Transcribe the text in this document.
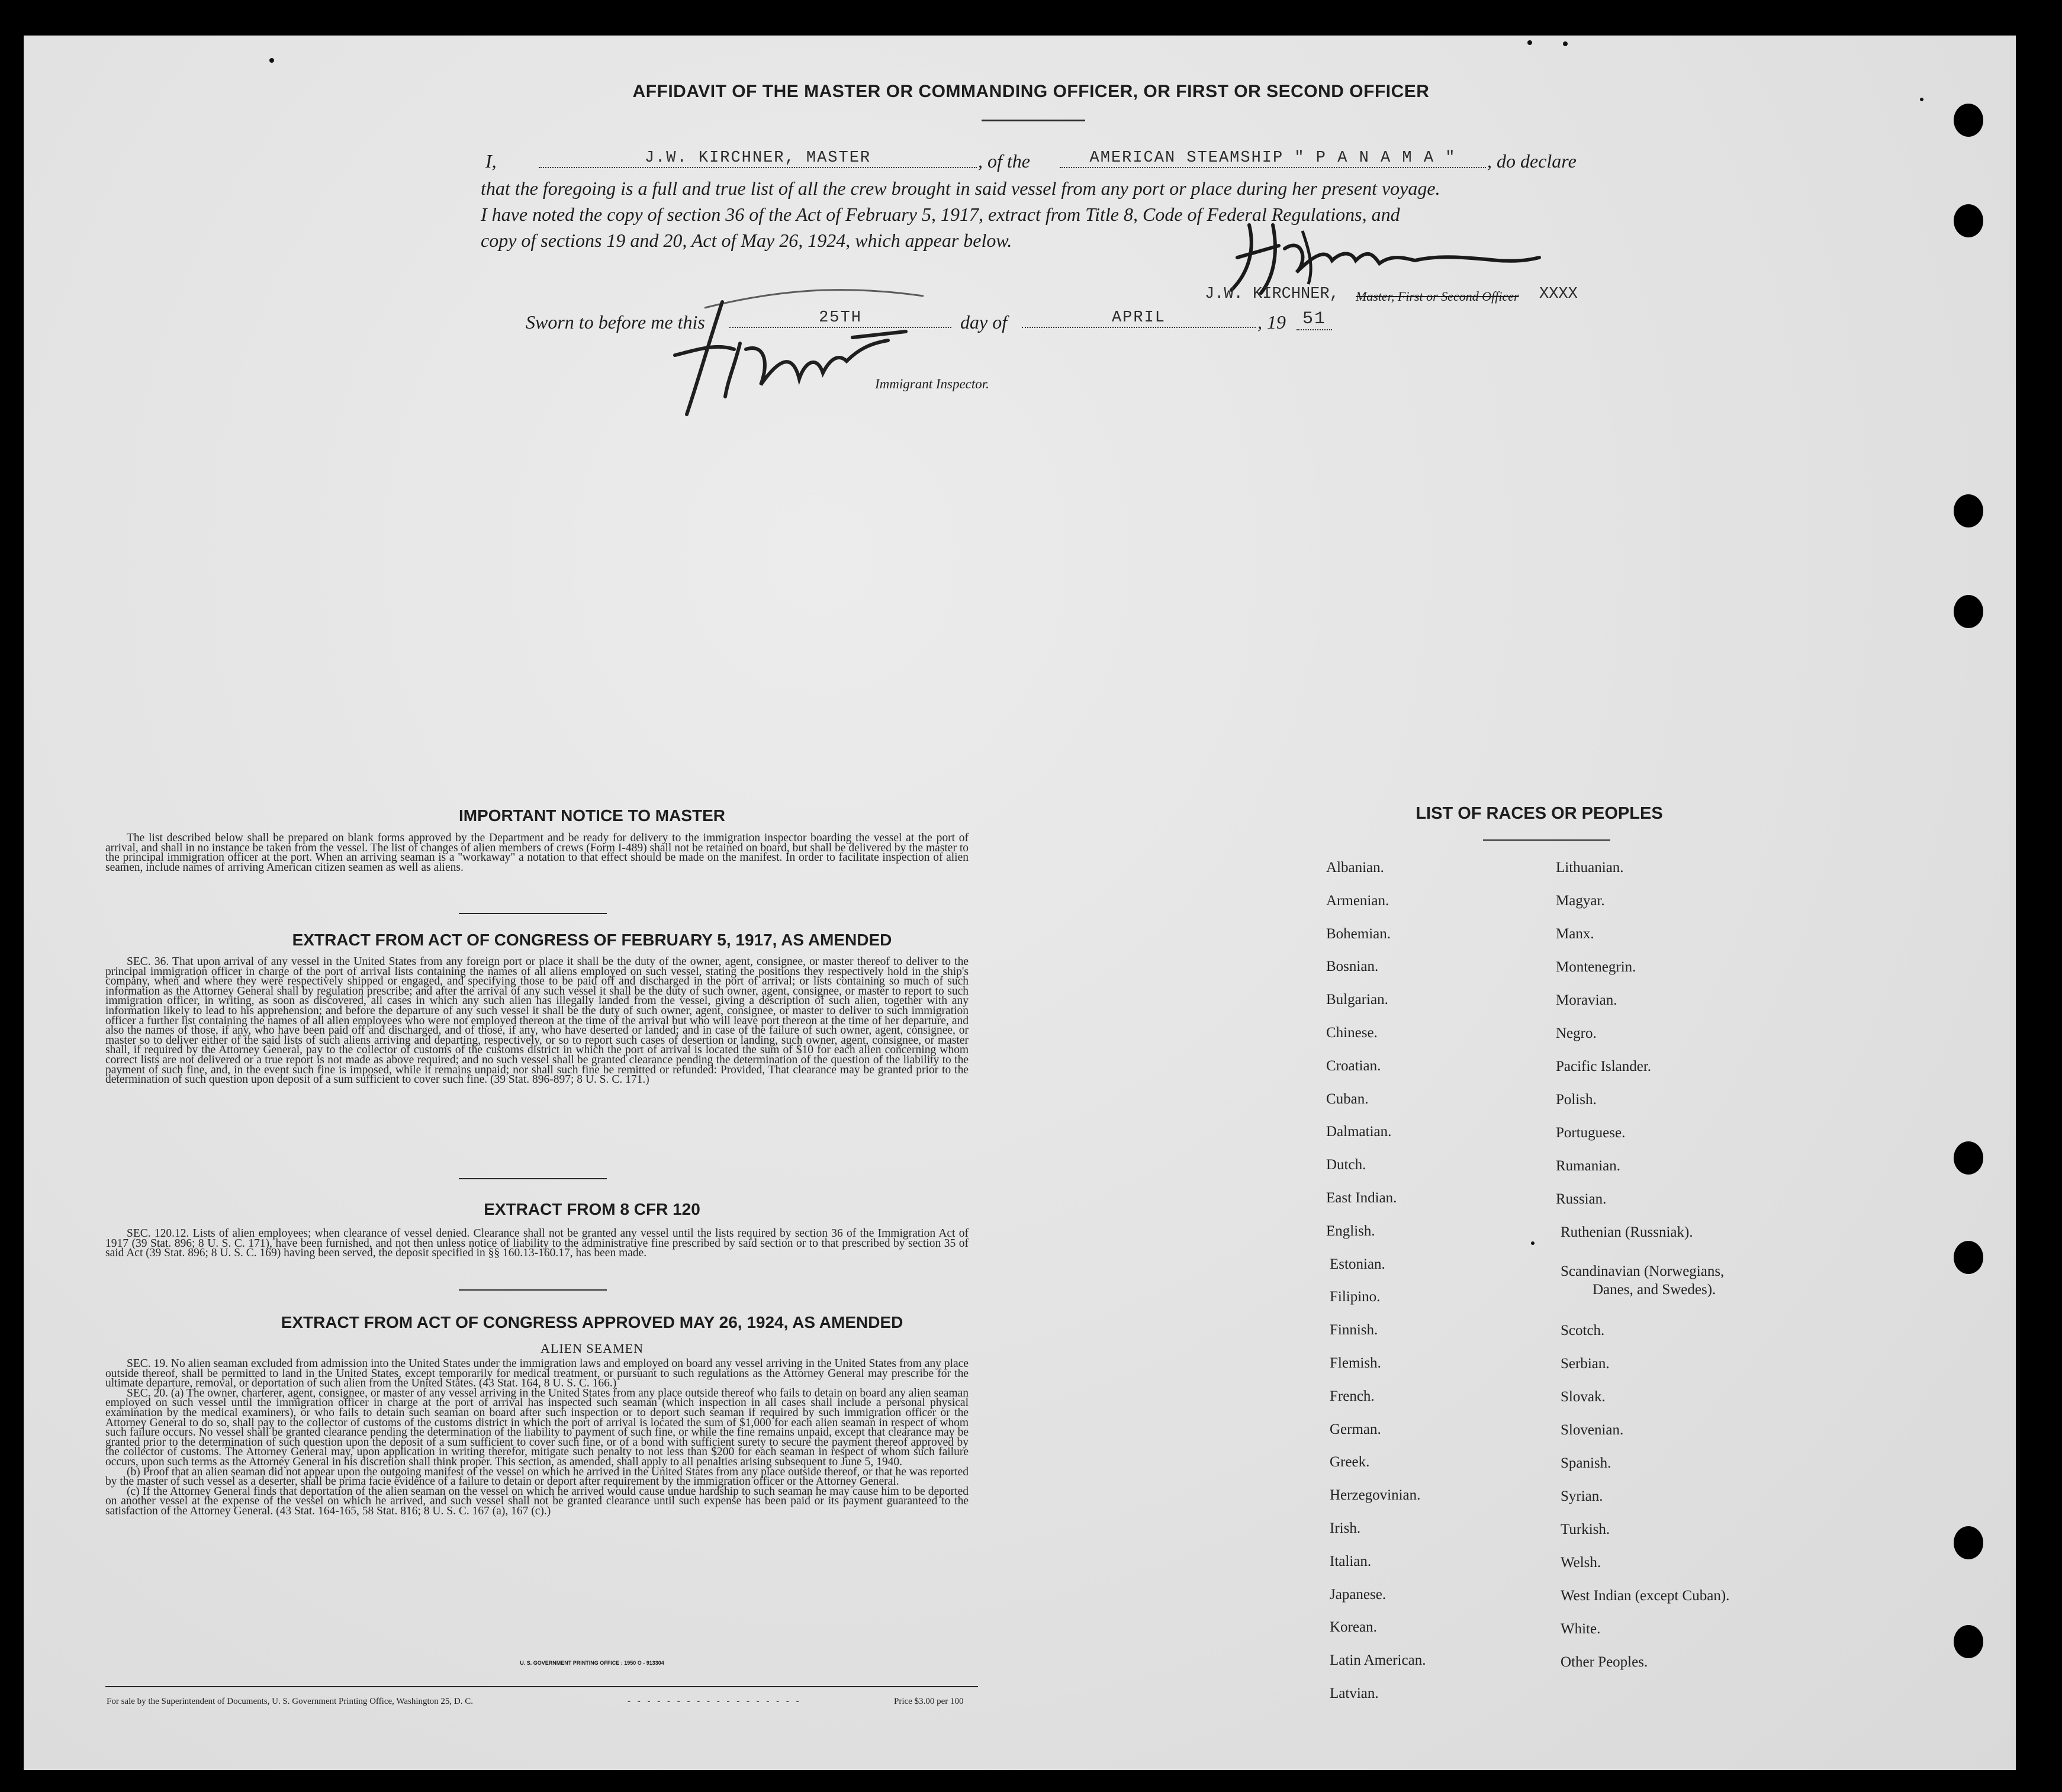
AFFIDAVIT OF THE MASTER OR COMMANDING OFFICER, OR FIRST OR SECOND OFFICER
I,	J.W. KIRCHNER, MASTER	, of the	AMERICAN STEAMSHIP " P A N A M A "	, do declare
that the foregoing is a full and true list of all the crew brought in said vessel from any port or place during her present voyage.
I have noted the copy of section 36 of the Act of February 5, 1917, extract from Title 8, Code of Federal Regulations, and
copy of sections 19 and 20, Act of May 26, 1924, which appear below.
J.W. KIRCHNER, Master, First or Second Officer XXXX
Sworn to before me this	25TH	day of	APRIL	, 19 51
Immigrant Inspector.
IMPORTANT NOTICE TO MASTER

The list described below shall be prepared on blank forms approved by the Department and be ready for delivery to the immigration inspector boarding the vessel at the port of arrival, and shall in no instance be taken from the vessel. The list of changes of alien members of crews (Form I-489) shall not be retained on board, but shall be delivered by the master to the principal immigration officer at the port. When an arriving seaman is a "workaway" a notation to that effect should be made on the manifest. In order to facilitate inspection of alien seamen, include names of arriving American citizen seamen as well as aliens.

EXTRACT FROM ACT OF CONGRESS OF FEBRUARY 5, 1917, AS AMENDED

SEC. 36. That upon arrival of any vessel in the United States from any foreign port or place it shall be the duty of the owner, agent, consignee, or master thereof to deliver to the principal immigration officer in charge of the port of arrival lists containing the names of all aliens employed on such vessel, stating the positions they respectively hold in the ship's company, when and where they were respectively shipped or engaged, and specifying those to be paid off and discharged in the port of arrival; or lists containing so much of such information as the Attorney General shall by regulation prescribe; and after the arrival of any such vessel it shall be the duty of such owner, agent, consignee, or master to report to such immigration officer, in writing, as soon as discovered, all cases in which any such alien has illegally landed from the vessel, giving a description of such alien, together with any information likely to lead to his apprehension; and before the departure of any such vessel it shall be the duty of such owner, agent, consignee, or master to deliver to such immigration officer a further list containing the names of all alien employees who were not employed thereon at the time of the arrival but who will leave port thereon at the time of her departure, and also the names of those, if any, who have been paid off and discharged, and of those, if any, who have deserted or landed; and in case of the failure of such owner, agent, consignee, or master so to deliver either of the said lists of such aliens arriving and departing, respectively, or so to report such cases of desertion or landing, such owner, agent, consignee, or master shall, if required by the Attorney General, pay to the collector of customs of the customs district in which the port of arrival is located the sum of $10 for each alien concerning whom correct lists are not delivered or a true report is not made as above required; and no such vessel shall be granted clearance pending the determination of the question of the liability to the payment of such fine, and, in the event such fine is imposed, while it remains unpaid; nor shall such fine be remitted or refunded: Provided, That clearance may be granted prior to the determination of such question upon deposit of a sum sufficient to cover such fine. (39 Stat. 896-897; 8 U. S. C. 171.)

EXTRACT FROM 8 CFR 120

SEC. 120.12. Lists of alien employees; when clearance of vessel denied. Clearance shall not be granted any vessel until the lists required by section 36 of the Immigration Act of 1917 (39 Stat. 896; 8 U. S. C. 171), have been furnished, and not then unless notice of liability to the administrative fine prescribed by said section or to that prescribed by section 35 of said Act (39 Stat. 896; 8 U. S. C. 169) having been served, the deposit specified in §§ 160.13-160.17, has been made.

EXTRACT FROM ACT OF CONGRESS APPROVED MAY 26, 1924, AS AMENDED
ALIEN SEAMEN

SEC. 19. No alien seaman excluded from admission into the United States under the immigration laws and employed on board any vessel arriving in the United States from any place outside thereof, shall be permitted to land in the United States, except temporarily for medical treatment, or pursuant to such regulations as the Attorney General may prescribe for the ultimate departure, removal, or deportation of such alien from the United States. (43 Stat. 164, 8 U. S. C. 166.)

SEC. 20. (a) The owner, charterer, agent, consignee, or master of any vessel arriving in the United States from any place outside thereof who fails to detain on board any alien seaman employed on such vessel until the immigration officer in charge at the port of arrival has inspected such seaman (which inspection in all cases shall include a personal physical examination by the medical examiners), or who fails to detain such seaman on board after such inspection or to deport such seaman if required by such immigration officer or the Attorney General to do so, shall pay to the collector of customs of the customs district in which the port of arrival is located the sum of $1,000 for each alien seaman in respect of whom such failure occurs. No vessel shall be granted clearance pending the determination of the liability to payment of such fine, or while the fine remains unpaid, except that clearance may be granted prior to the determination of such question upon the deposit of a sum sufficient to cover such fine, or of a bond with sufficient surety to secure the payment thereof approved by the collector of customs. The Attorney General may, upon application in writing therefor, mitigate such penalty to not less than $200 for each seaman in respect of whom such failure occurs, upon such terms as the Attorney General in his discretion shall think proper. This section, as amended, shall apply to all penalties arising subsequent to June 5, 1940.

(b) Proof that an alien seaman did not appear upon the outgoing manifest of the vessel on which he arrived in the United States from any place outside thereof, or that he was reported by the master of such vessel as a deserter, shall be prima facie evidence of a failure to detain or deport after requirement by the immigration officer or the Attorney General.

(c) If the Attorney General finds that deportation of the alien seaman on the vessel on which he arrived would cause undue hardship to such seaman he may cause him to be deported on another vessel at the expense of the vessel on which he arrived, and such vessel shall not be granted clearance until such expense has been paid or its payment guaranteed to the satisfaction of the Attorney General. (43 Stat. 164-165, 58 Stat. 816; 8 U. S. C. 167 (a), 167 (c).)

U. S. GOVERNMENT PRINTING OFFICE : 1950 O - 913304
For sale by the Superintendent of Documents, U. S. Government Printing Office, Washington 25, D. C.	- - - - - - - - - - - - - - - - - -	Price $3.00 per 100
LIST OF RACES OR PEOPLES
Albanian.
Armenian.
Bohemian.
Bosnian.
Bulgarian.
Chinese.
Croatian.
Cuban.
Dalmatian.
Dutch.
East Indian.
English.
Estonian.
Filipino.
Finnish.
Flemish.
French.
German.
Greek.
Herzegovinian.
Irish.
Italian.
Japanese.
Korean.
Latin American.
Latvian.
Lithuanian.
Magyar.
Manx.
Montenegrin.
Moravian.
Negro.
Pacific Islander.
Polish.
Portuguese.
Rumanian.
Russian.
Ruthenian (Russniak).
Scandinavian (Norwegians,
Danes, and Swedes).
Scotch.
Serbian.
Slovak.
Slovenian.
Spanish.
Syrian.
Turkish.
Welsh.
West Indian (except Cuban).
White.
Other Peoples.
